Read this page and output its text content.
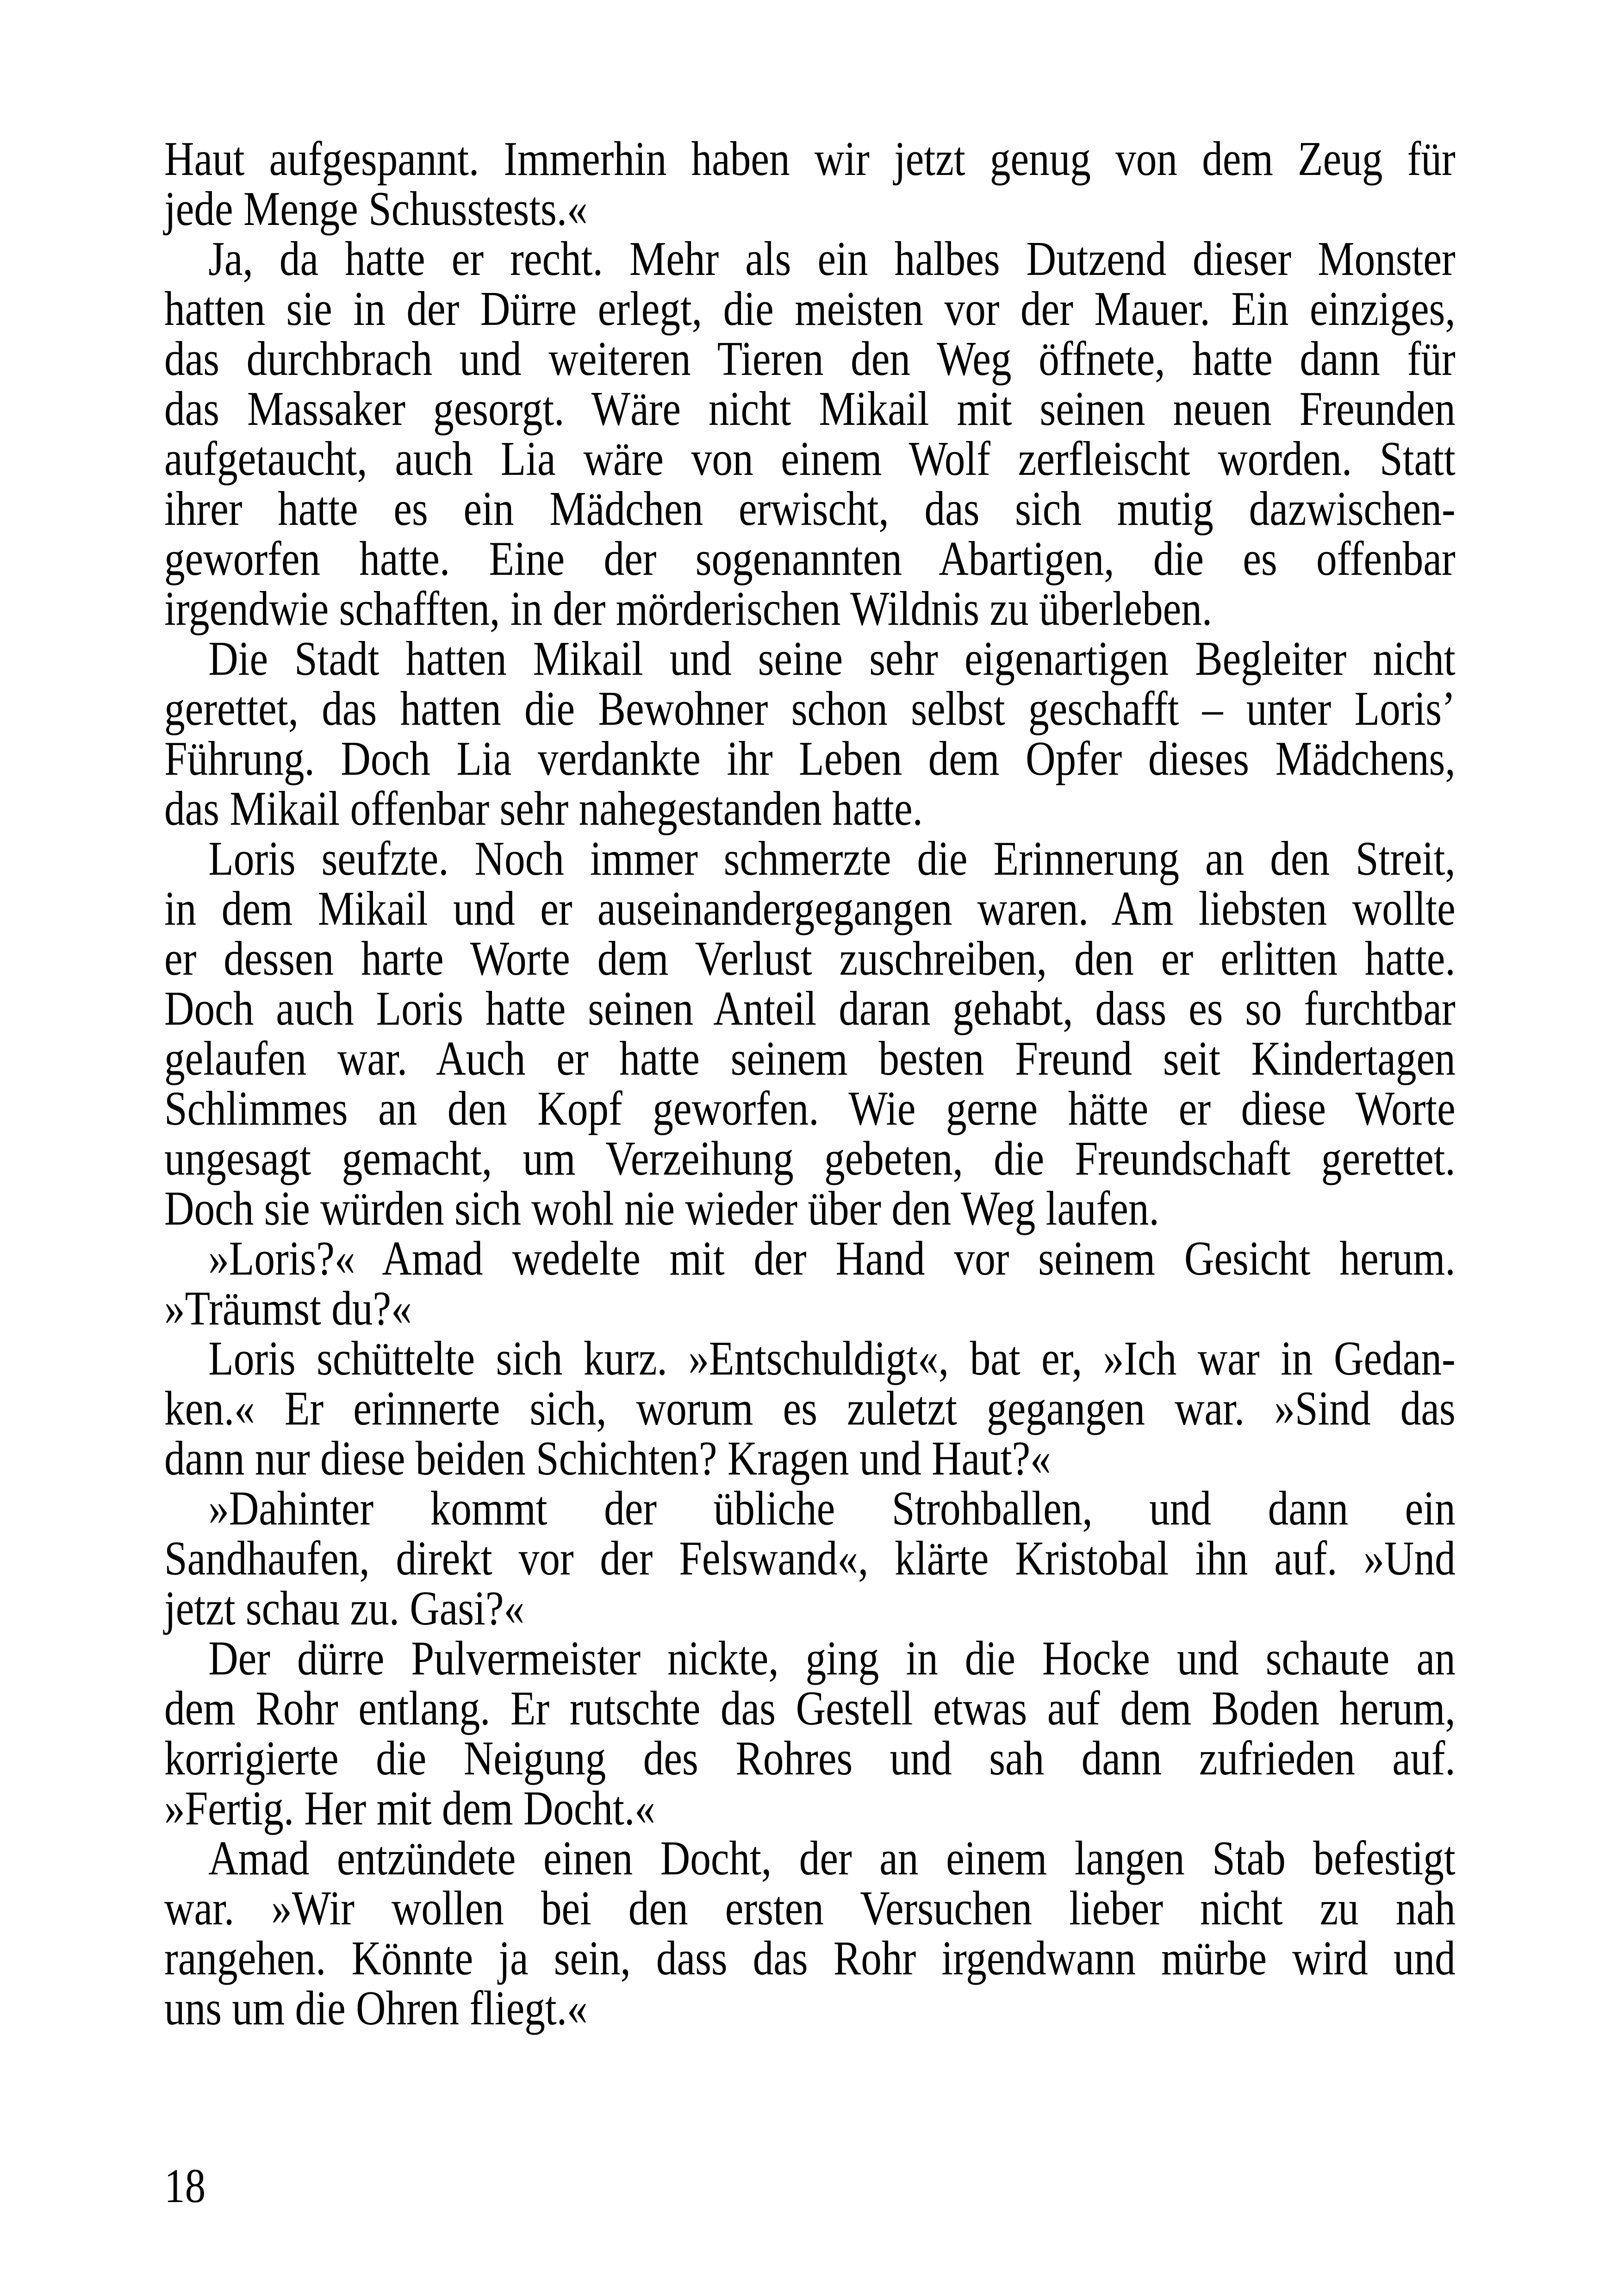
Haut aufgespannt. Immerhin haben wir jetzt genug von dem Zeug für
jede Menge Schusstests.«
Ja, da hatte er recht. Mehr als ein halbes Dutzend dieser Monster
hatten sie in der Dürre erlegt, die meisten vor der Mauer. Ein einziges,
das durchbrach und weiteren Tieren den Weg öffnete, hatte dann für
das Massaker gesorgt. Wäre nicht Mikail mit seinen neuen Freunden
aufgetaucht, auch Lia wäre von einem Wolf zerfleischt worden. Statt
ihrer hatte es ein Mädchen erwischt, das sich mutig dazwischen-
geworfen hatte. Eine der sogenannten Abartigen, die es offenbar
irgendwie schafften, in der mörderischen Wildnis zu überleben.
Die Stadt hatten Mikail und seine sehr eigenartigen Begleiter nicht
gerettet, das hatten die Bewohner schon selbst geschafft – unter Loris’
Führung. Doch Lia verdankte ihr Leben dem Opfer dieses Mädchens,
das Mikail offenbar sehr nahegestanden hatte.
Loris seufzte. Noch immer schmerzte die Erinnerung an den Streit,
in dem Mikail und er auseinandergegangen waren. Am liebsten wollte
er dessen harte Worte dem Verlust zuschreiben, den er erlitten hatte.
Doch auch Loris hatte seinen Anteil daran gehabt, dass es so furchtbar
gelaufen war. Auch er hatte seinem besten Freund seit Kindertagen
Schlimmes an den Kopf geworfen. Wie gerne hätte er diese Worte
ungesagt gemacht, um Verzeihung gebeten, die Freundschaft gerettet.
Doch sie würden sich wohl nie wieder über den Weg laufen.
»Loris?« Amad wedelte mit der Hand vor seinem Gesicht herum.
»Träumst du?«
Loris schüttelte sich kurz. »Entschuldigt«, bat er, »Ich war in Gedan-
ken.« Er erinnerte sich, worum es zuletzt gegangen war. »Sind das
dann nur diese beiden Schichten? Kragen und Haut?«
»Dahinter kommt der übliche Strohballen, und dann ein
Sandhaufen, direkt vor der Felswand«, klärte Kristobal ihn auf. »Und
jetzt schau zu. Gasi?«
Der dürre Pulvermeister nickte, ging in die Hocke und schaute an
dem Rohr entlang. Er rutschte das Gestell etwas auf dem Boden herum,
korrigierte die Neigung des Rohres und sah dann zufrieden auf.
»Fertig. Her mit dem Docht.«
Amad entzündete einen Docht, der an einem langen Stab befestigt
war. »Wir wollen bei den ersten Versuchen lieber nicht zu nah
rangehen. Könnte ja sein, dass das Rohr irgendwann mürbe wird und
uns um die Ohren fliegt.«
18
